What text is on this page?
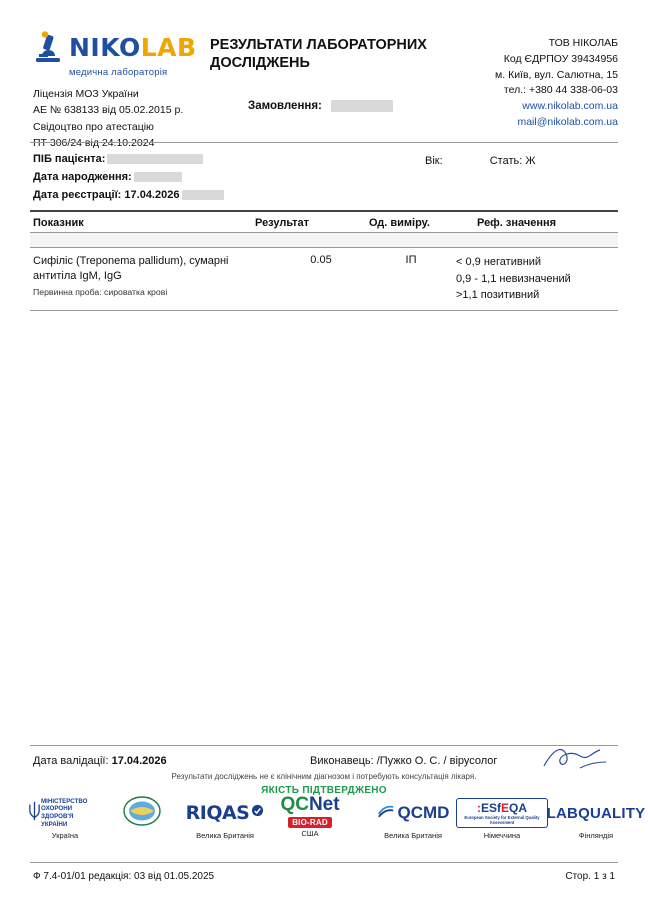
NIKOLAB
медична лабораторія
РЕЗУЛЬТАТИ ЛАБОРАТОРНИХ ДОСЛІДЖЕНЬ
ТОВ НІКОЛАБ
Код ЄДРПОУ 39434956
м. Київ, вул. Салютна, 15
тел.: +380 44 338-06-03
www.nikolab.com.ua
mail@nikolab.com.ua
Ліцензія МОЗ України
АЕ № 638133 від 05.02.2015 р.
Свідоцтво про атестацію
Замовлення:
ПІБ пацієнта:
Дата народження:
Дата реєстрації: 17.04.2026
Вік:	Стать: Ж
Показник	Результат	Од. виміру.	Реф. значення
Сифіліс (Treponema pallidum), сумарні антитіла IgM, IgG
Первинна проба: сироватка крові
0.05	ІП	< 0,9 негативний
0,9 - 1,1 невизначений
>1,1 позитивний
Дата валідації: 17.04.2026	Виконавець: /Пужко О. С. / вірусолог
Результати досліджень не є клінічним діагнозом і потребують консультація лікаря.
ЯКІСТЬ ПІДТВЕРДЖЕНО
МІНІСТЕРСТВО
ОХОРОНИ
ЗДОРОВ'Я
УКРАЇНИ
Україна
RIQAS
Велика Британія
QCNet
BIO-RAD
США
QCMD
Велика Британія
:ESfEQA
European Society for External Quality Assessment
Німеччина
LABQUALITY
Фінляндія
Ф 7.4-01/01 редакція: 03 від 01.05.2025	Стор. 1 з 1
